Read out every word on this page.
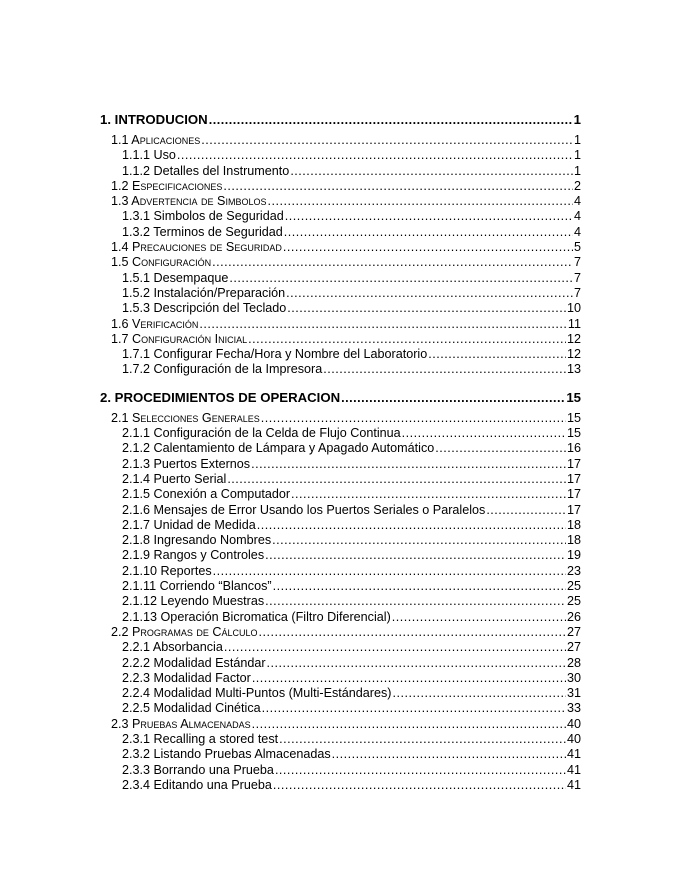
1. INTRODUCION .....	1
1.1 Aplicaciones .....	1
1.1.1 Uso .....	1
1.1.2 Detalles del Instrumento .....	1
1.2 Especificaciones .....	2
1.3 Advertencia de Simbolos .....	4
1.3.1 Simbolos de Seguridad .....	4
1.3.2 Terminos de Seguridad .....	4
1.4 Precauciones de Seguridad .....	5
1.5 Configuración .....	7
1.5.1 Desempaque .....	7
1.5.2 Instalación/Preparación .....	7
1.5.3 Descripción del Teclado .....	10
1.6 Verificación .....	11
1.7 Configuración Inicial .....	12
1.7.1 Configurar Fecha/Hora y Nombre del Laboratorio .....	12
1.7.2 Configuración de la Impresora .....	13
2. PROCEDIMIENTOS DE OPERACION .....	15
2.1 Selecciones Generales .....	15
2.1.1 Configuración de la Celda de Flujo Continua .....	15
2.1.2 Calentamiento de Lámpara y Apagado Automático .....	16
2.1.3 Puertos Externos .....	17
2.1.4 Puerto Serial .....	17
2.1.5 Conexión a Computador .....	17
2.1.6 Mensajes de Error Usando los Puertos Seriales o Paralelos .....	17
2.1.7 Unidad de Medida .....	18
2.1.8 Ingresando Nombres .....	18
2.1.9 Rangos y Controles .....	19
2.1.10 Reportes .....	23
2.1.11 Corriendo “Blancos” .....	25
2.1.12 Leyendo Muestras .....	25
2.1.13 Operación Bicromatica (Filtro Diferencial) .....	26
2.2 Programas de Cálculo .....	27
2.2.1 Absorbancia .....	27
2.2.2 Modalidad Estándar .....	28
2.2.3 Modalidad Factor .....	30
2.2.4 Modalidad Multi-Puntos (Multi-Estándares) .....	31
2.2.5 Modalidad Cinética .....	33
2.3 Pruebas Almacenadas .....	40
2.3.1 Recalling a stored test .....	40
2.3.2 Listando Pruebas Almacenadas .....	41
2.3.3 Borrando una Prueba .....	41
2.3.4 Editando una Prueba .....	41
